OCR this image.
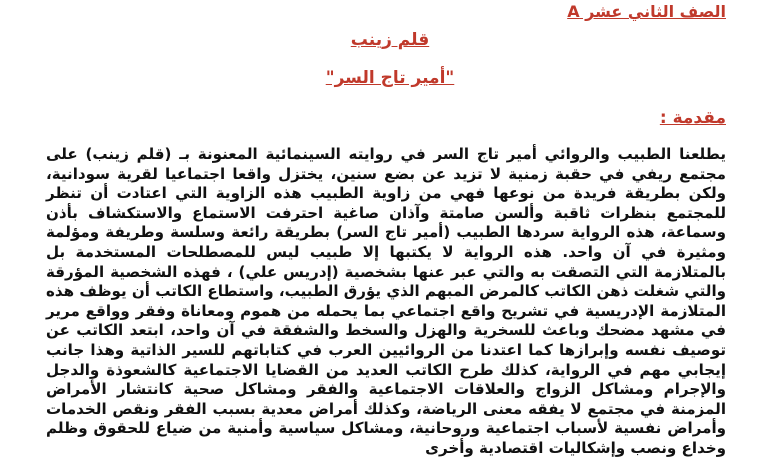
الصف الثاني عشر A
قلم زينب
"أمير تاج السر"
مقدمة :
يطلعنا الطبيب والروائي أمير تاج السر في روايته السينمائية المعنونة بـ (قلم زينب) على مجتمع ريفي في حقبة زمنية لا تزيد عن بضع سنين، يختزل واقعا اجتماعيا لقرية سودانية، ولكن بطريقة فريدة من نوعها فهي من زاوية الطبيب هذه الزاوية التي اعتادت أن تنظر للمجتمع بنظرات ثاقبة وألسن صامتة وآذان صاغية احترفت الاستماع والاستكشاف بأذن وسماعة، هذه الرواية سردها الطبيب (أمير تاج السر) بطريقة رائعة وسلسة وطريفة ومؤلمة ومثيرة في آن واحد. هذه الرواية لا يكتبها إلا طبيب ليس للمصطلحات المستخدمة بل بالمتلازمة التي التصقت به والتي عبر عنها بشخصية (إدريس علي) ، فهذه الشخصية المؤرقة والتي شغلت ذهن الكاتب كالمرض المبهم الذي يؤرق الطبيب، واستطاع الكاتب أن يوظف هذه المتلازمة الإدريسية في تشريح واقع اجتماعي بما يحمله من هموم ومعاناة وفقر وواقع مرير في مشهد مضحك وباعث للسخرية والهزل والسخط والشفقة في آن واحد، ابتعد الكاتب عن توصيف نفسه وإبرازها كما اعتدنا من الروائيين العرب في كتاباتهم للسير الذاتية وهذا جانب إيجابي مهم في الرواية، كذلك طرح الكاتب العديد من القضايا الاجتماعية كالشعوذة والدجل والإجرام ومشاكل الزواج والعلاقات الاجتماعية والفقر ومشاكل صحية كانتشار الأمراض المزمنة في مجتمع لا يفقه معنى الرياضة، وكذلك أمراض معدية بسبب الفقر ونقص الخدمات وأمراض نفسية لأسباب اجتماعية وروحانية، ومشاكل سياسية وأمنية من ضياع للحقوق وظلم وخداع ونصب وإشكاليات اقتصادية وأخرى
